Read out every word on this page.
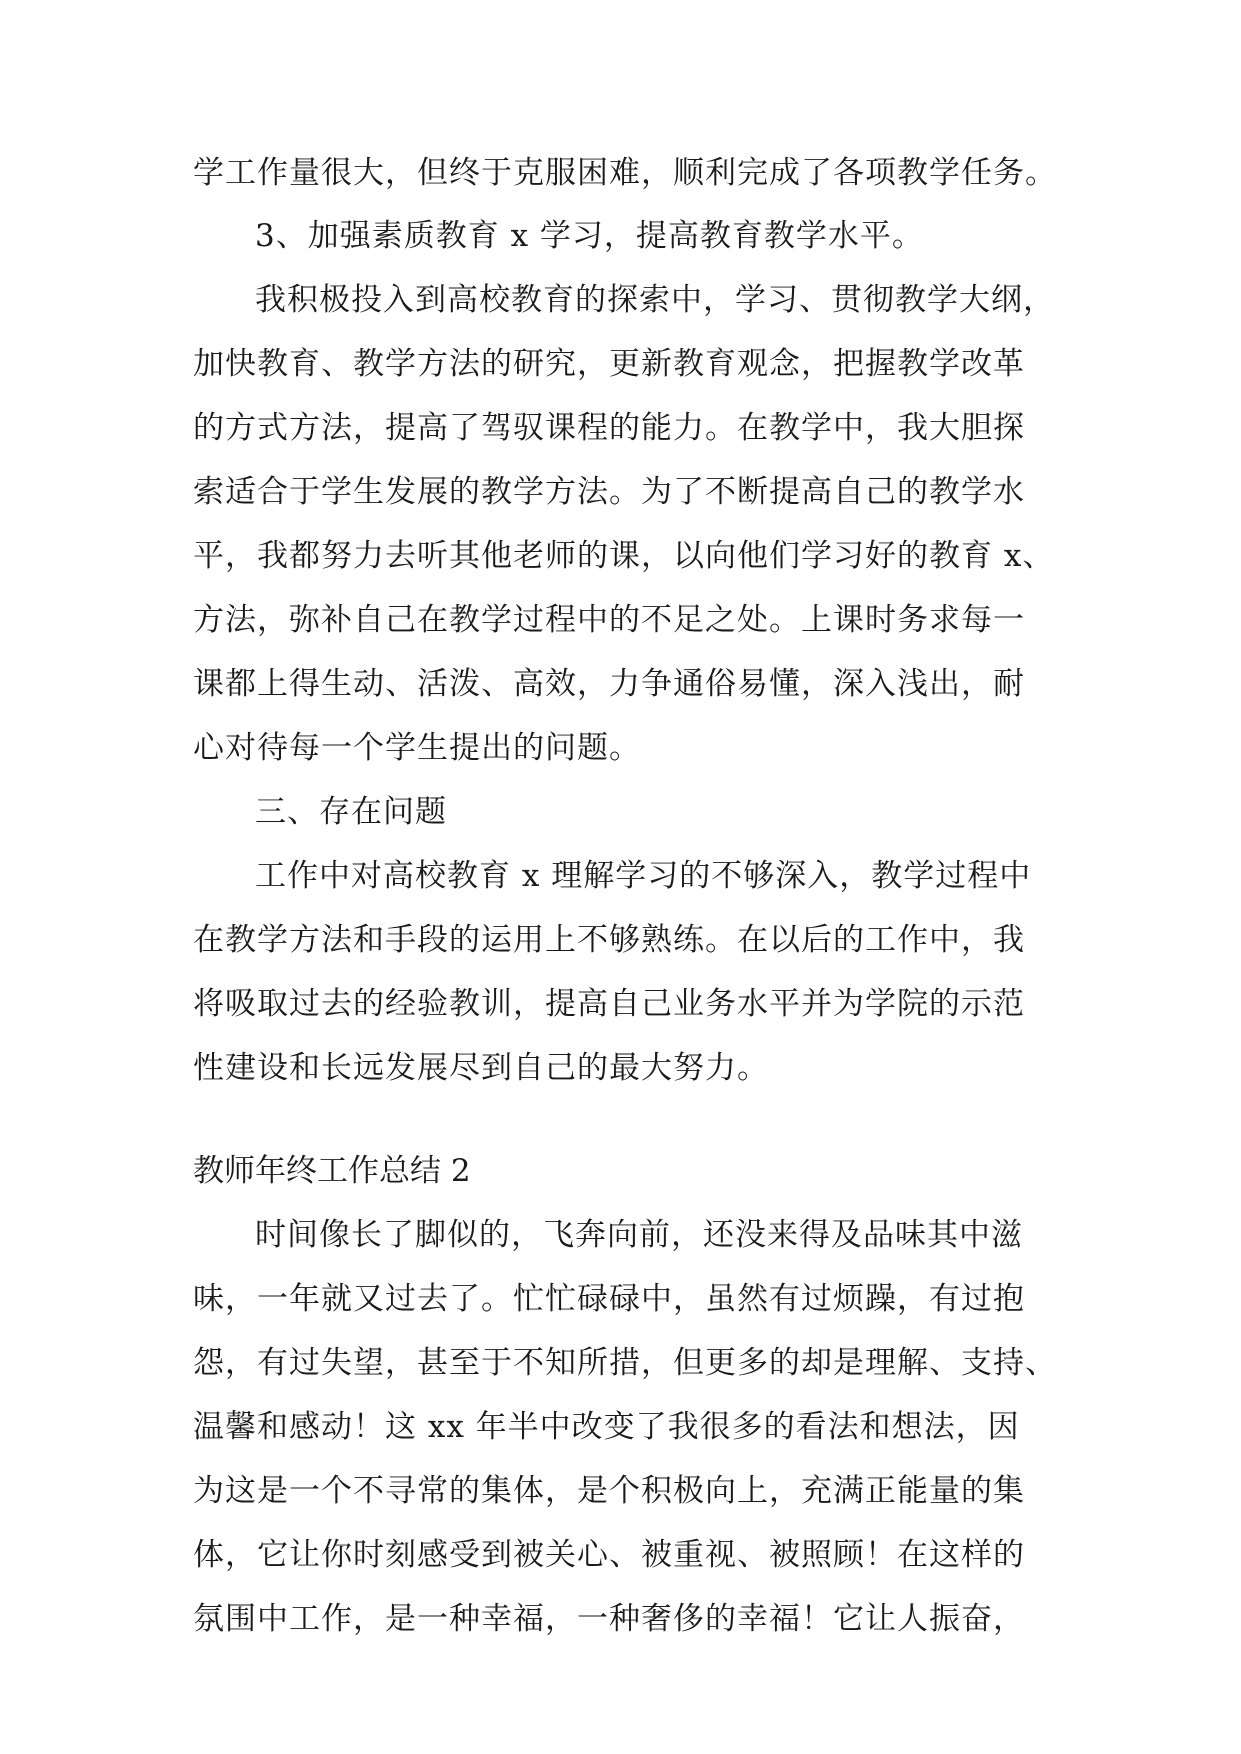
学工作量很大，但终于克服困难，顺利完成了各项教学任务。
3、加强素质教育 x 学习，提高教育教学水平。
我积极投入到高校教育的探索中，学习、贯彻教学大纲，
加快教育、教学方法的研究，更新教育观念，把握教学改革
的方式方法，提高了驾驭课程的能力。在教学中，我大胆探
索适合于学生发展的教学方法。为了不断提高自己的教学水
平，我都努力去听其他老师的课，以向他们学习好的教育 x、
方法，弥补自己在教学过程中的不足之处。上课时务求每一
课都上得生动、活泼、高效，力争通俗易懂，深入浅出，耐
心对待每一个学生提出的问题。
三、存在问题
工作中对高校教育 x 理解学习的不够深入，教学过程中
在教学方法和手段的运用上不够熟练。在以后的工作中，我
将吸取过去的经验教训，提高自己业务水平并为学院的示范
性建设和长远发展尽到自己的最大努力。
教师年终工作总结 2
时间像长了脚似的，飞奔向前，还没来得及品味其中滋
味，一年就又过去了。忙忙碌碌中，虽然有过烦躁，有过抱
怨，有过失望，甚至于不知所措，但更多的却是理解、支持、
温馨和感动！这 xx 年半中改变了我很多的看法和想法，因
为这是一个不寻常的集体，是个积极向上，充满正能量的集
体，它让你时刻感受到被关心、被重视、被照顾！在这样的
氛围中工作，是一种幸福，一种奢侈的幸福！它让人振奋，
